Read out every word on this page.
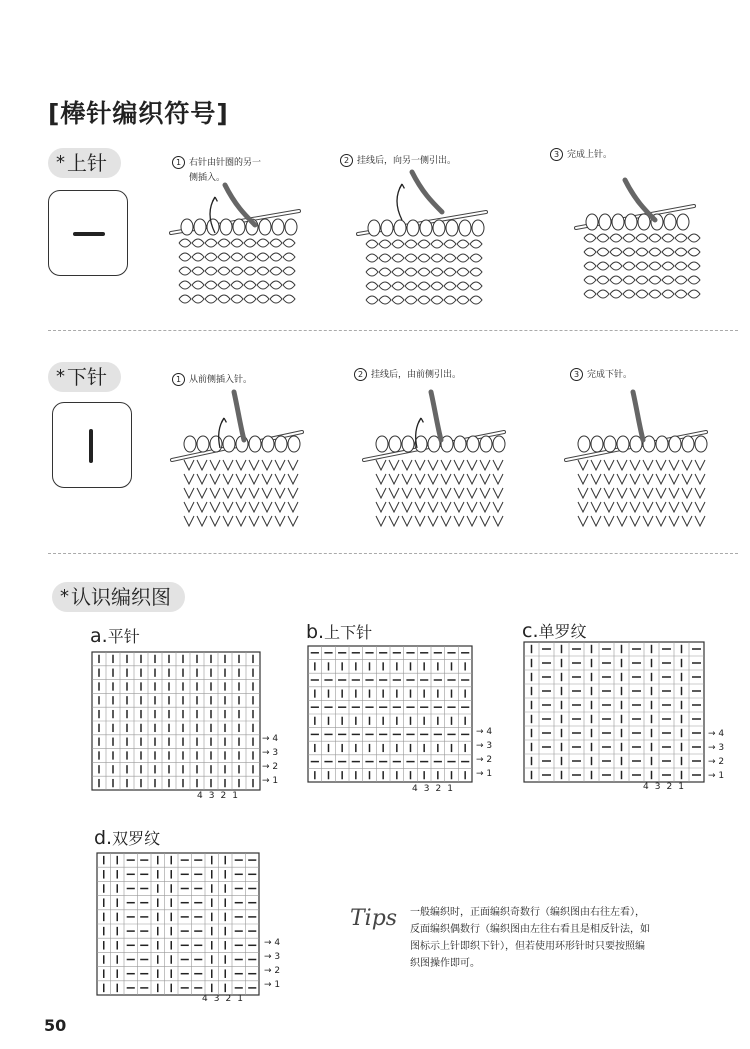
[棒针编织符号]
* 上针	1 右针由针圈的另一
侧插入。
2 挂线后，向另一侧引出。
3 完成上针。
* 下针	1 从前侧插入针。
2 挂线后，由前侧引出。	3 完成下针。
* 认识编织图
a.平针	b.上下针	c.单罗纹
d.双罗纹
→ 4
→ 3
→ 2
→ 1
→ 4
→ 3
→ 2
→ 1
→ 4
→ 3
→ 2
→ 1
→ 4
→ 3
→ 2
→ 1
4 3 2 1
4 3 2 1	4 3 2 1
4 3 2 1
Tips 一般编织时，正面编织奇数行（编织图由右往左看），
反面编织偶数行（编织图由左往右看且是相反针法，如
图标示上针即织下针），但若使用环形针时只要按照编
织图操作即可。
50
